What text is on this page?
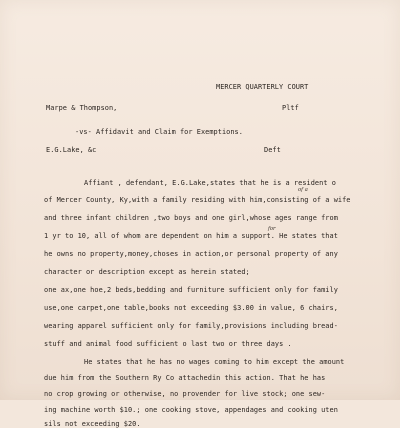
MERCER QUARTERLY COURT
Marpe & Thompson,	Pltf
-vs- Affidavit and Claim for Exemptions.
E.G.Lake, &c	Deft
of a
for
Affiant , defendant, E.G.Lake,states that he is a resident o
of Mercer County, Ky,with a family residing with him,consisting of a wife
and three infant children ,two boys and one girl,whose ages range from
1 yr to 10, all of whom are dependent on him a support. He states that
he owns no property,money,choses in action,or personal property of any
character or description except as herein stated;
one ax,one hoe,2 beds,bedding and furniture sufficient only for family
use,one carpet,one table,books not exceeding $3.00 in value, 6 chairs,
wearing apparel sufficient only for family,provisions including bread-
stuff and animal food sufficient o last two or three days .
He states that he has no wages coming to him except the amount
due him from the Southern Ry Co attachedin this action. That he has
no crop growing or otherwise, no provender for live stock; one sew-
ing machine worth $10.; one cooking stove, appendages and cooking uten
sils not exceeding $20.
